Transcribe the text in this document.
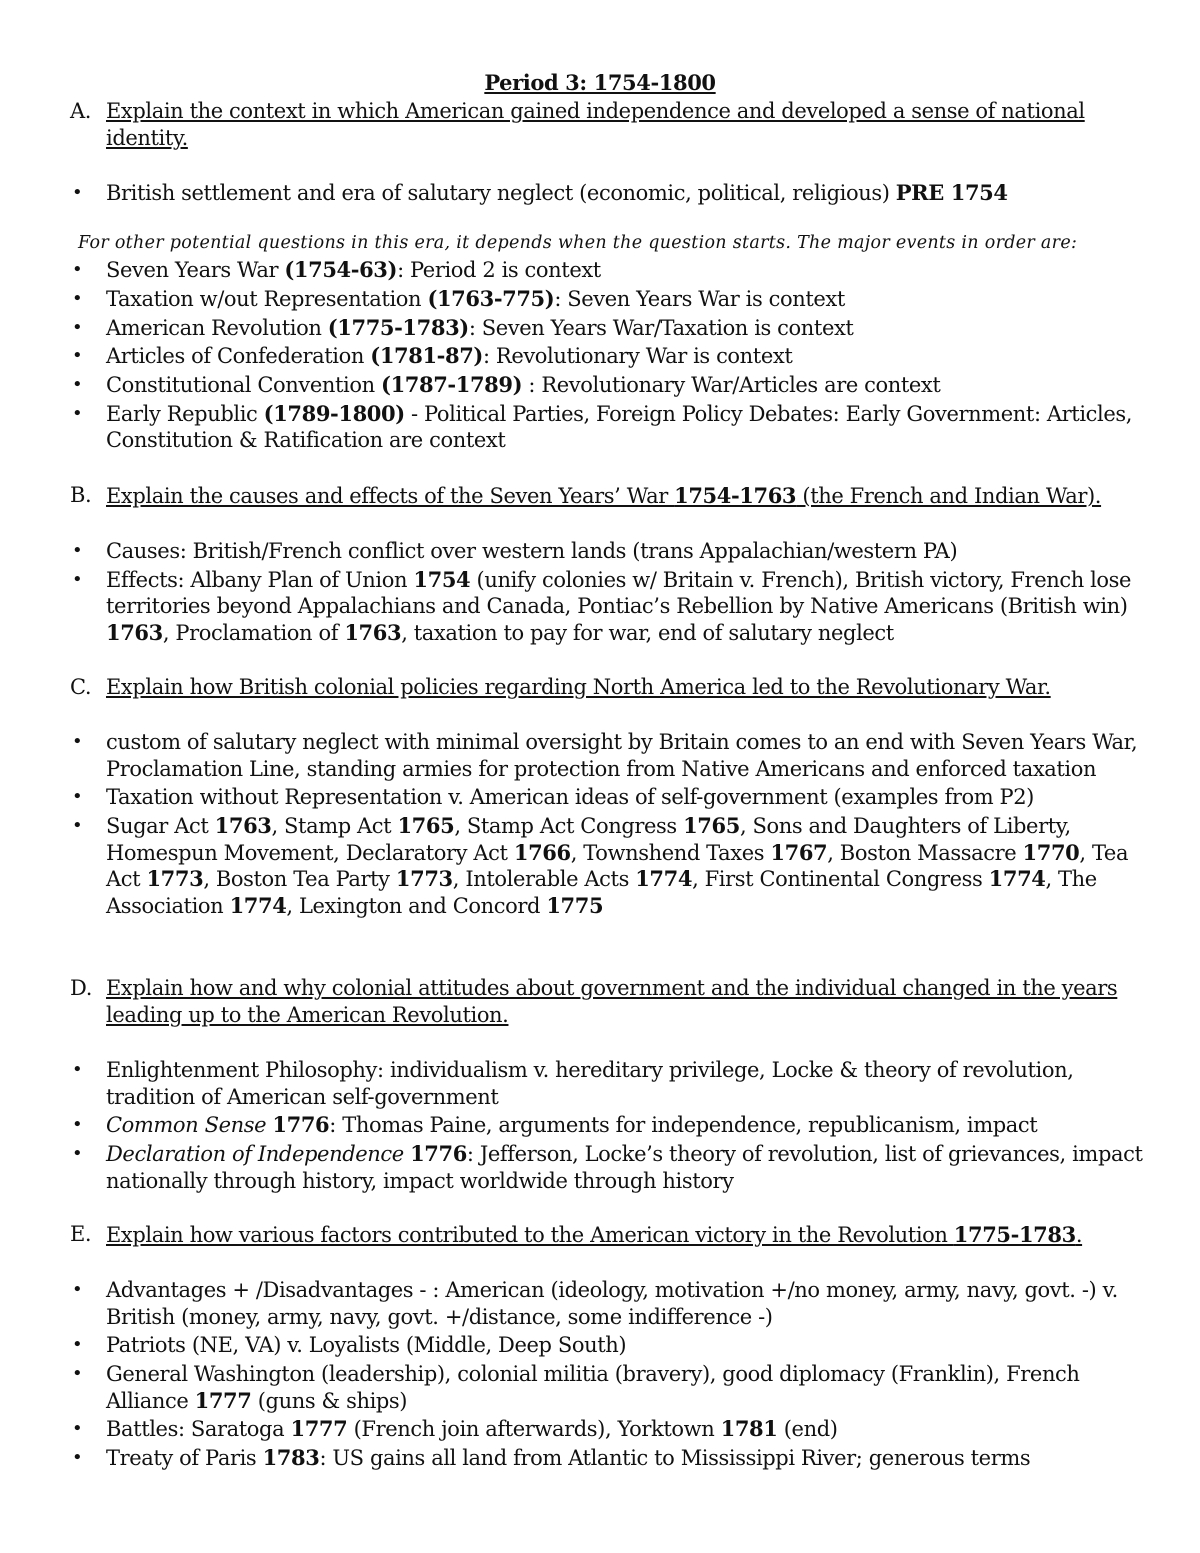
Period 3: 1754-1800
A. Explain the context in which American gained independence and developed a sense of national identity.
• British settlement and era of salutary neglect (economic, political, religious) PRE 1754
For other potential questions in this era, it depends when the question starts. The major events in order are:
• Seven Years War (1754-63): Period 2 is context
• Taxation w/out Representation (1763-775): Seven Years War is context
• American Revolution (1775-1783): Seven Years War/Taxation is context
• Articles of Confederation (1781-87): Revolutionary War is context
• Constitutional Convention (1787-1789) : Revolutionary War/Articles are context
• Early Republic (1789-1800) - Political Parties, Foreign Policy Debates: Early Government: Articles, Constitution & Ratification are context
B. Explain the causes and effects of the Seven Years’ War 1754-1763 (the French and Indian War).
• Causes: British/French conflict over western lands (trans Appalachian/western PA)
• Effects: Albany Plan of Union 1754 (unify colonies w/ Britain v. French), British victory, French lose territories beyond Appalachians and Canada, Pontiac’s Rebellion by Native Americans (British win) 1763, Proclamation of 1763, taxation to pay for war, end of salutary neglect
C. Explain how British colonial policies regarding North America led to the Revolutionary War.
• custom of salutary neglect with minimal oversight by Britain comes to an end with Seven Years War, Proclamation Line, standing armies for protection from Native Americans and enforced taxation
• Taxation without Representation v. American ideas of self-government (examples from P2)
• Sugar Act 1763, Stamp Act 1765, Stamp Act Congress 1765, Sons and Daughters of Liberty, Homespun Movement, Declaratory Act 1766, Townshend Taxes 1767, Boston Massacre 1770, Tea Act 1773, Boston Tea Party 1773, Intolerable Acts 1774, First Continental Congress 1774, The Association 1774, Lexington and Concord 1775
D. Explain how and why colonial attitudes about government and the individual changed in the years leading up to the American Revolution.
• Enlightenment Philosophy: individualism v. hereditary privilege, Locke & theory of revolution, tradition of American self-government
• Common Sense 1776: Thomas Paine, arguments for independence, republicanism, impact
• Declaration of Independence 1776: Jefferson, Locke’s theory of revolution, list of grievances, impact nationally through history, impact worldwide through history
E. Explain how various factors contributed to the American victory in the Revolution 1775-1783.
• Advantages + /Disadvantages - : American (ideology, motivation +/no money, army, navy, govt. -) v. British (money, army, navy, govt. +/distance, some indifference -)
• Patriots (NE, VA) v. Loyalists (Middle, Deep South)
• General Washington (leadership), colonial militia (bravery), good diplomacy (Franklin), French Alliance 1777 (guns & ships)
• Battles: Saratoga 1777 (French join afterwards), Yorktown 1781 (end)
• Treaty of Paris 1783: US gains all land from Atlantic to Mississippi River; generous terms
